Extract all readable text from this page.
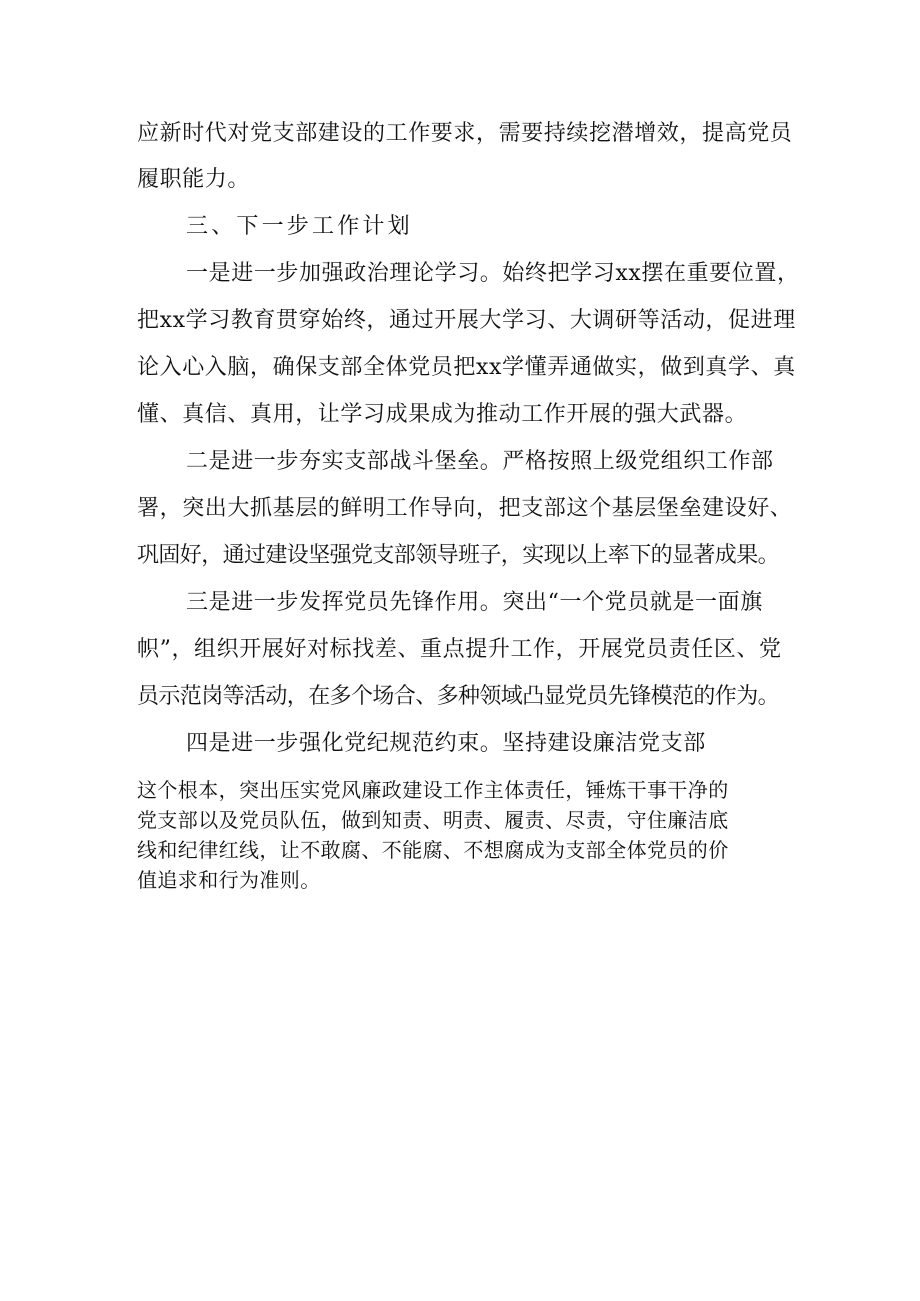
应新时代对党支部建设的工作要求，需要持续挖潜增效，提高党员
履职能力。
三、下一步工作计划
一是进一步加强政治理论学习。始终把学习xx摆在重要位置，
把xx学习教育贯穿始终，通过开展大学习、大调研等活动，促进理
论入心入脑，确保支部全体党员把xx学懂弄通做实，做到真学、真
懂、真信、真用，让学习成果成为推动工作开展的强大武器。
二是进一步夯实支部战斗堡垒。严格按照上级党组织工作部
署，突出大抓基层的鲜明工作导向，把支部这个基层堡垒建设好、
巩固好，通过建设坚强党支部领导班子，实现以上率下的显著成果。
三是进一步发挥党员先锋作用。突出“一个党员就是一面旗
帜”，组织开展好对标找差、重点提升工作，开展党员责任区、党
员示范岗等活动，在多个场合、多种领域凸显党员先锋模范的作为。
四是进一步强化党纪规范约束。坚持建设廉洁党支部
这个根本，突出压实党风廉政建设工作主体责任，锤炼干事干净的
党支部以及党员队伍，做到知责、明责、履责、尽责，守住廉洁底
线和纪律红线，让不敢腐、不能腐、不想腐成为支部全体党员的价
值追求和行为准则。
